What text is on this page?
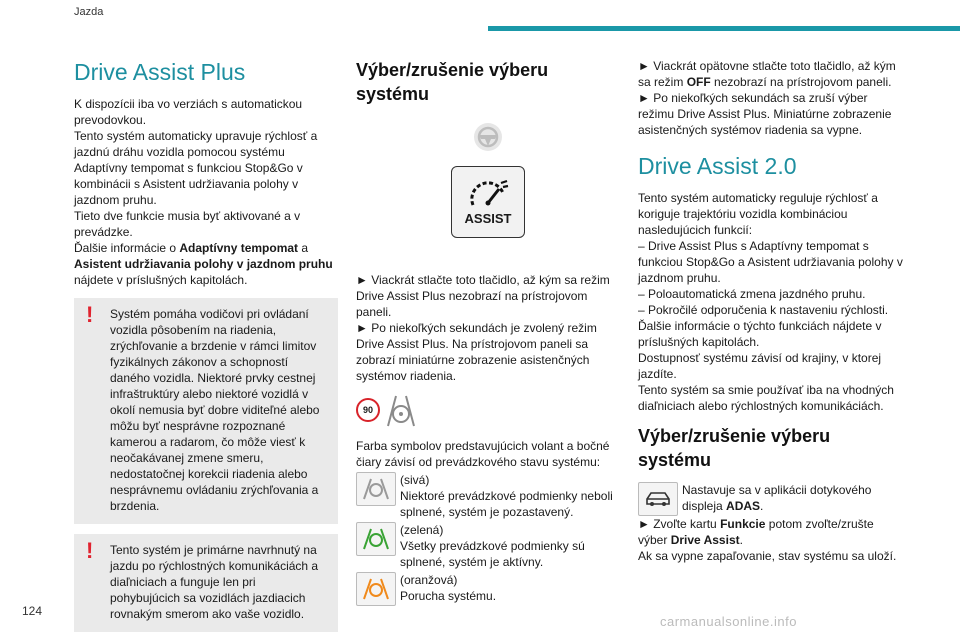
Jazda
Drive Assist Plus

K dispozícii iba vo verziách s automatickou prevodovkou.

Tento systém automaticky upravuje rýchlosť a jazdnú dráhu vozidla pomocou systému Adaptívny tempomat s funkciou Stop&Go v kombinácii s Asistent udržiavania polohy v jazdnom pruhu.

Tieto dve funkcie musia byť aktivované a v prevádzke.

Ďalšie informácie o Adaptívny tempomat a Asistent udržiavania polohy v jazdnom pruhu nájdete v príslušných kapitolách.

! Systém pomáha vodičovi pri ovládaní vozidla pôsobením na riadenia, zrýchľovanie a brzdenie v rámci limitov fyzikálnych zákonov a schopností daného vozidla. Niektoré prvky cestnej infraštruktúry alebo niektoré vozidlá v okolí nemusia byť dobre viditeľné alebo môžu byť nesprávne rozpoznané kamerou a radarom, čo môže viesť k neočakávanej zmene smeru, nedostatočnej korekcii riadenia alebo nesprávnemu ovládaniu zrýchľovania a brzdenia.

! Tento systém je primárne navrhnutý na jazdu po rýchlostných komunikáciách a diaľniciach a funguje len pri pohybujúcich sa vozidlách jazdiacich rovnakým smerom ako vaše vozidlo.

Výber/zrušenie výberu systému
ASSIST

► Viackrát stlačte toto tlačidlo, až kým sa režim Drive Assist Plus nezobrazí na prístrojovom paneli.

► Po niekoľkých sekundách je zvolený režim Drive Assist Plus. Na prístrojovom paneli sa zobrazí miniatúrne zobrazenie asistenčných systémov riadenia.

90

Farba symbolov predstavujúcich volant a bočné čiary závisí od prevádzkového stavu systému:

(sivá)

Niektoré prevádzkové podmienky neboli splnené, systém je pozastavený.

(zelená)

Všetky prevádzkové podmienky sú splnené, systém je aktívny.

(oranžová)

Porucha systému.

► Viackrát opätovne stlačte toto tlačidlo, až kým sa režim OFF nezobrazí na prístrojovom paneli.

► Po niekoľkých sekundách sa zruší výber režimu Drive Assist Plus. Miniatúrne zobrazenie asistenčných systémov riadenia sa vypne.

Drive Assist 2.0

Tento systém automaticky reguluje rýchlosť a koriguje trajektóriu vozidla kombináciou nasledujúcich funkcií:

– Drive Assist Plus s Adaptívny tempomat s funkciou Stop&Go a Asistent udržiavania polohy v jazdnom pruhu.

– Poloautomatická zmena jazdného pruhu.

– Pokročilé odporučenia k nastaveniu rýchlosti.

Ďalšie informácie o týchto funkciách nájdete v príslušných kapitolách.

Dostupnosť systému závisí od krajiny, v ktorej jazdíte.

Tento systém sa smie používať iba na vhodných diaľniciach alebo rýchlostných komunikáciách.

Výber/zrušenie výberu systému

Nastavuje sa v aplikácii dotykového displeja ADAS.

► Zvoľte kartu Funkcie potom zvoľte/zrušte výber Drive Assist.

Ak sa vypne zapaľovanie, stav systému sa uloží.

124
carmanualsonline.info
